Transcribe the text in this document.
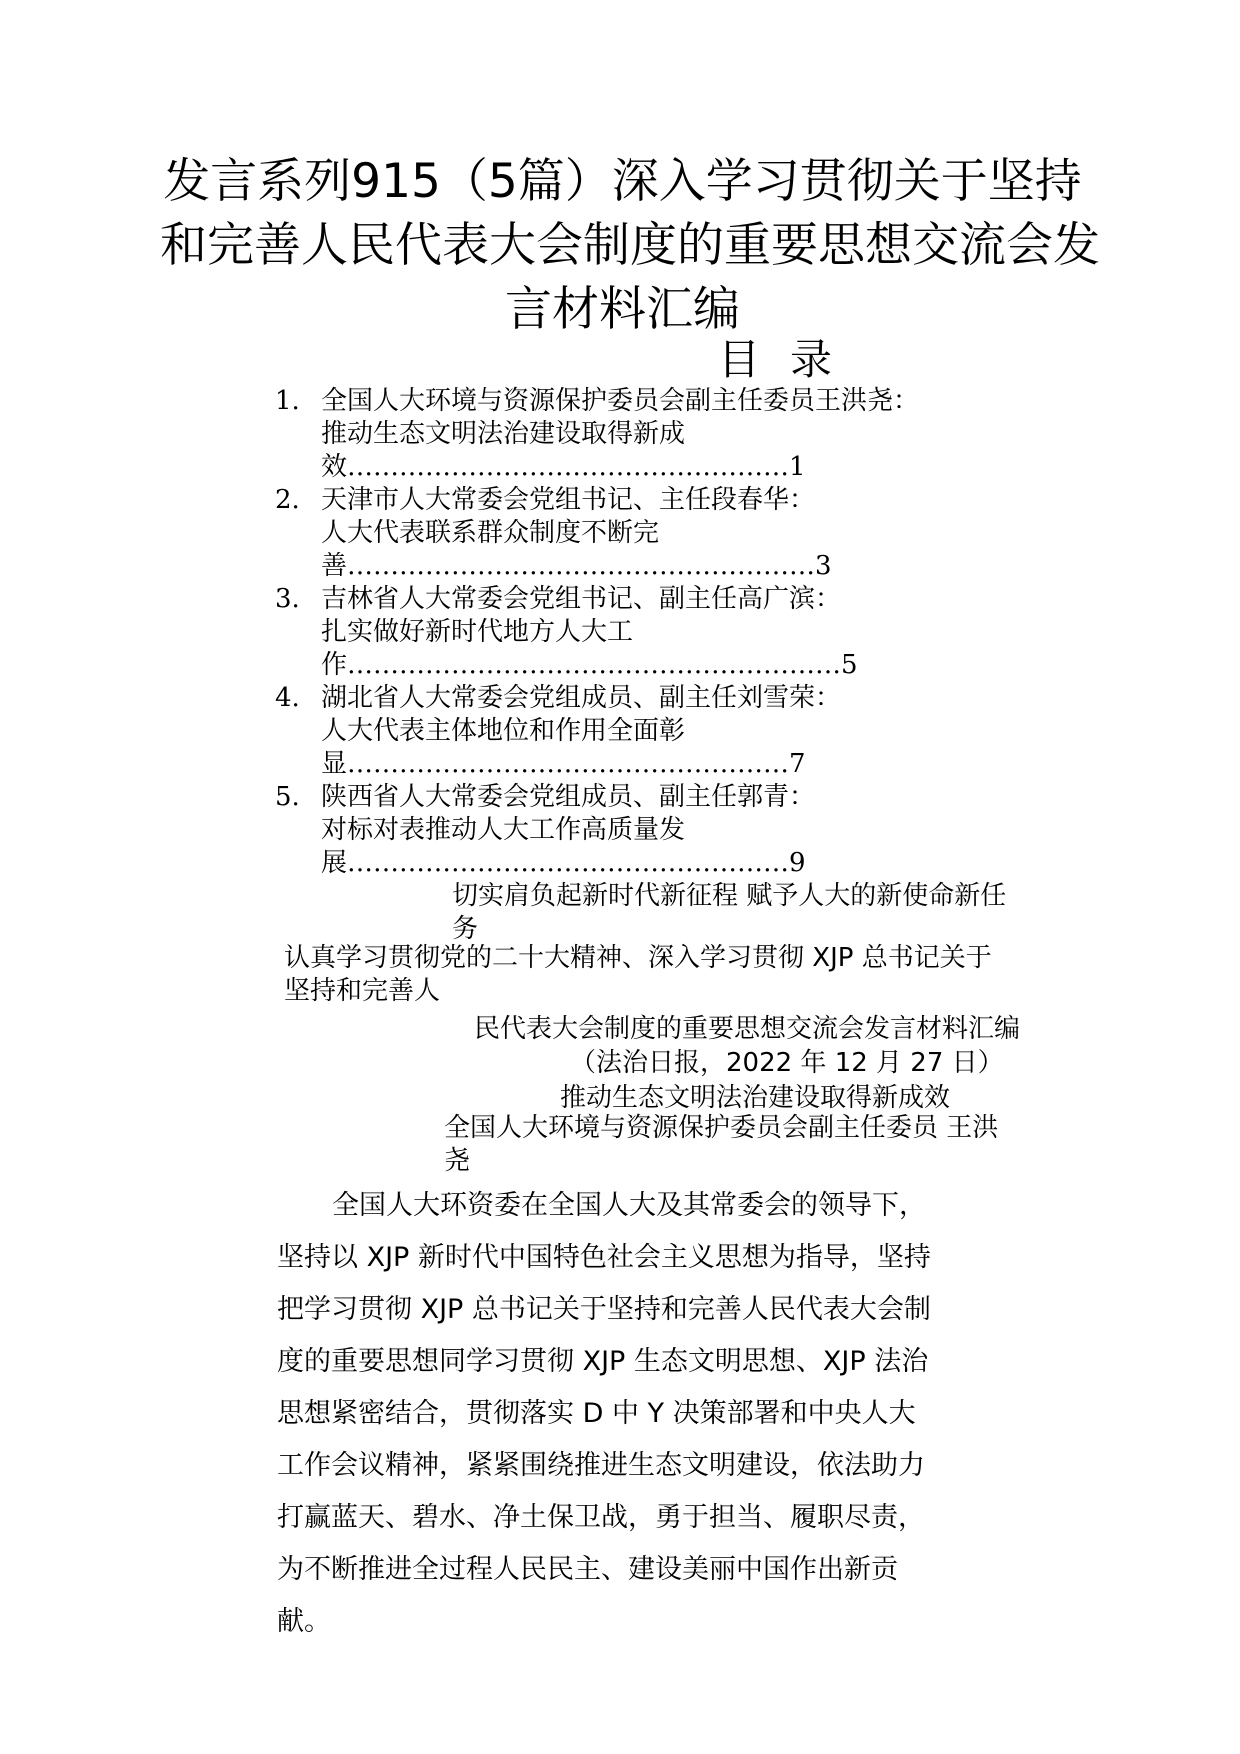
发言系列915（5篇）深入学习贯彻关于坚持
和完善人民代表大会制度的重要思想交流会发
言材料汇编
目录
1. 全国人大环境与资源保护委员会副主任委员王洪尧：
推动生态文明法治建设取得新成
效……………………………………………1
2. 天津市人大常委会党组书记、主任段春华：
人大代表联系群众制度不断完
善………………………………………………3
3. 吉林省人大常委会党组书记、副主任高广滨：
扎实做好新时代地方人大工
作…………………………………………………5
4. 湖北省人大常委会党组成员、副主任刘雪荣：
人大代表主体地位和作用全面彰
显……………………………………………7
5. 陕西省人大常委会党组成员、副主任郭青：
对标对表推动人大工作高质量发
展……………………………………………9
切实肩负起新时代新征程 赋予人大的新使命新任
务
认真学习贯彻党的二十大精神、深入学习贯彻 XJP 总书记关于
坚持和完善人
民代表大会制度的重要思想交流会发言材料汇编
（法治日报，2022 年 12 月 27 日）
推动生态文明法治建设取得新成效
全国人大环境与资源保护委员会副主任委员 王洪
尧
全国人大环资委在全国人大及其常委会的领导下，
坚持以 XJP 新时代中国特色社会主义思想为指导，坚持
把学习贯彻 XJP 总书记关于坚持和完善人民代表大会制
度的重要思想同学习贯彻 XJP 生态文明思想、XJP 法治
思想紧密结合，贯彻落实 D 中 Y 决策部署和中央人大
工作会议精神，紧紧围绕推进生态文明建设，依法助力
打赢蓝天、碧水、净土保卫战，勇于担当、履职尽责，
为不断推进全过程人民民主、建设美丽中国作出新贡
献。
